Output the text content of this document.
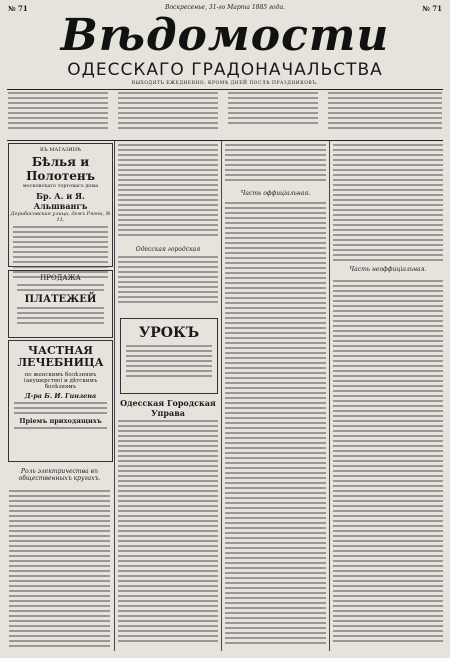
№ 71	№ 71
Воскресенье, 31-го Марта 1885 года.
Вѣдомости
ОДЕССКАГО ГРАДОНАЧАЛЬСТВА
ВЫХОДЯТЪ ЕЖЕДНЕВНО, КРОМѢ ДНЕЙ ПОСЛѢ ПРАЗДНИКОВЪ.
ВЪ МАГАЗИНѢ
Бѣлья и Полотенъ
московскаго торговаго дома
Бр. А. и Я. Альшвангъ
Дерибасовская улица, домъ Рязни, № 11,
ПРОДАЖА
ПЛАТЕЖЕЙ
ЧАСТНАЯ ЛЕЧЕБНИЦА
по женскимъ болѣзнямъ (акушерство) и дѣтскимъ болѣзнямъ
Д-ра Б. И. Гинзена
Пріемъ приходящихъ
Роль электричества въ общественныхъ кругахъ.
Одесская городская
УРОКЪ
Одесская Городская Управа
Часть оффиціальная.
Часть неоффиціальная.
